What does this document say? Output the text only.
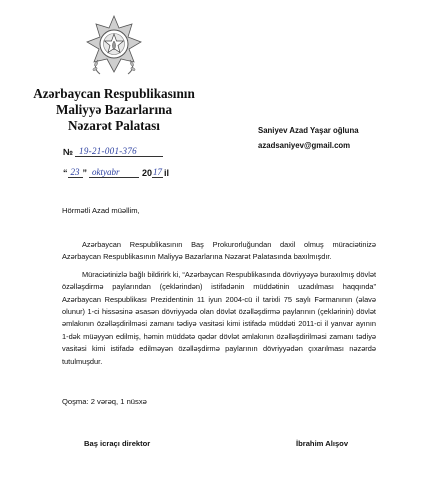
Azərbaycan Respublikasının
Maliyyə Bazarlarına
Nəzarət Palatası	Saniyev Azad Yaşar oğluna
azadsaniyev@gmail.com
№ 19-21-001-376
“ 23 ” oktyabr	20 17 il
Hörmətli Azad müəllim,

Azərbaycan Respublikasının Baş Prokurorluğundan daxil olmuş müraciətinizə Azərbaycan Respublikasının Maliyyə Bazarlarına Nəzarət Palatasında baxılmışdır.

Müraciətinizlə bağlı bildirirk ki, “Azərbaycan Respublikasında dövriyyəyə buraxılmış dövlət özəlləşdirmə paylarından (çeklərindən) istifadənin müddətinin uzadılması haqqında” Azərbaycan Respublikası Prezidentinin 11 iyun 2004-cü il tarixli 75 saylı Fərmanının (əlavə olunur) 1-ci hissəsinə əsasən dövriyyədə olan dövlət özəlləşdirmə paylarının (çeklərinin) dövlət əmlakının özəlləşdirilməsi zamanı tədiyə vasitəsi kimi istifadə müddəti 2011-ci il yanvar ayının 1-dək müəyyən edilmiş, həmin müddətə qədər dövlət əmlakının özəlləşdirilməsi zamanı tədiyə vasitəsi kimi istifadə edilməyən özəlləşdirmə paylarının dövriyyədən çıxarılması nəzərdə tutulmuşdur.

Qoşma: 2 vərəq, 1 nüsxə
Baş icraçı direktor	İbrahim Alışov
